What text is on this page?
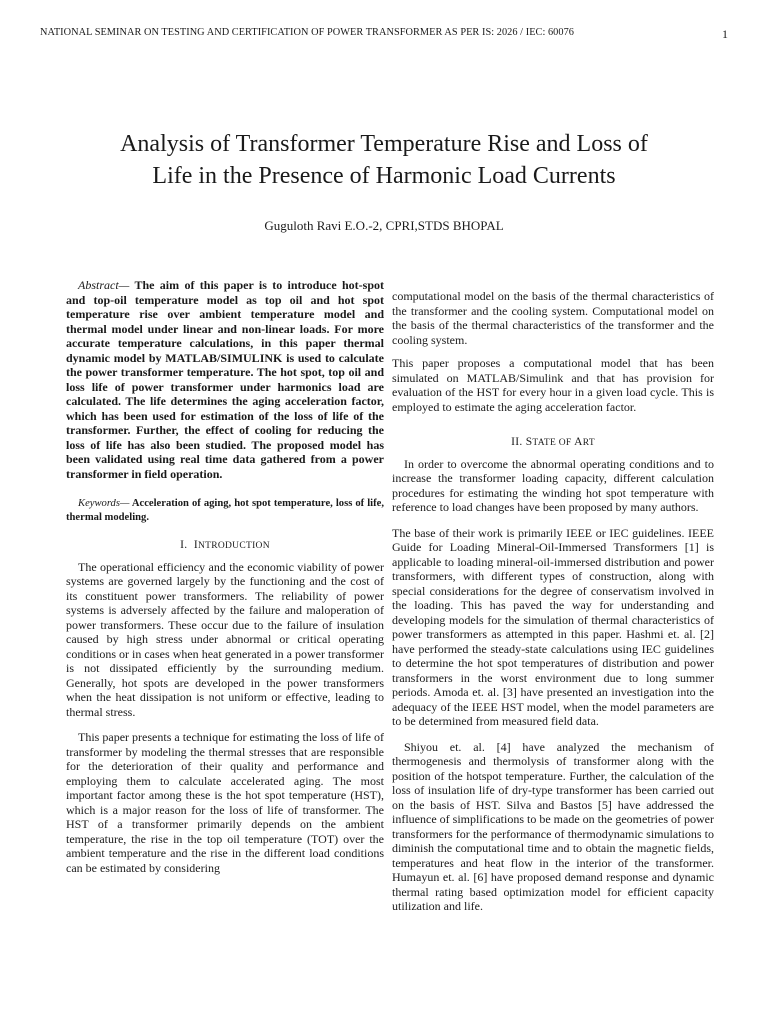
NATIONAL SEMINAR ON TESTING AND CERTIFICATION OF POWER TRANSFORMER AS PER IS: 2026 / IEC: 60076	1
Analysis of Transformer Temperature Rise and Loss of
Life in the Presence of Harmonic Load Currents
Guguloth Ravi E.O.-2, CPRI,STDS BHOPAL

Abstract— The aim of this paper is to introduce hot-spot and top-oil temperature model as top oil and hot spot temperature rise over ambient temperature model and thermal model under linear and non-linear loads. For more accurate temperature calculations, in this paper thermal dynamic model by MATLAB/SIMULINK is used to calculate the power transformer temperature. The hot spot, top oil and loss life of power transformer under harmonics load are calculated. The life determines the aging acceleration factor, which has been used for estimation of the loss of life of the transformer. Further, the effect of cooling for reducing the loss of life has also been studied. The proposed model has been validated using real time data gathered from a power transformer in field operation.

Keywords— Acceleration of aging, hot spot temperature, loss of life, thermal modeling.

I. INTRODUCTION

The operational efficiency and the economic viability of power systems are governed largely by the functioning and the cost of its constituent power transformers. The reliability of power systems is adversely affected by the failure and maloperation of power transformers. These occur due to the failure of insulation caused by high stress under abnormal or critical operating conditions or in cases when heat generated in a power transformer is not dissipated efficiently by the surrounding medium. Generally, hot spots are developed in the power transformers when the heat dissipation is not uniform or effective, leading to thermal stress.

This paper presents a technique for estimating the loss of life of transformer by modeling the thermal stresses that are responsible for the deterioration of their quality and performance and employing them to calculate accelerated aging. The most important factor among these is the hot spot temperature (HST), which is a major reason for the loss of life of transformer. The HST of a transformer primarily depends on the ambient temperature, the rise in the top oil temperature (TOT) over the ambient temperature and the rise in the different load conditions can be estimated by considering

computational model on the basis of the thermal characteristics of the transformer and the cooling system. Computational model on the basis of the thermal characteristics of the transformer and the cooling system.

This paper proposes a computational model that has been simulated on MATLAB/Simulink and that has provision for evaluation of the HST for every hour in a given load cycle. This is employed to estimate the aging acceleration factor.

II. STATE OF ART

In order to overcome the abnormal operating conditions and to increase the transformer loading capacity, different calculation procedures for estimating the winding hot spot temperature with reference to load changes have been proposed by many authors.

The base of their work is primarily IEEE or IEC guidelines. IEEE Guide for Loading Mineral-Oil-Immersed Transformers [1] is applicable to loading mineral-oil-immersed distribution and power transformers, with different types of construction, along with special considerations for the degree of conservatism involved in the loading. This has paved the way for understanding and developing models for the simulation of thermal characteristics of power transformers as attempted in this paper. Hashmi et. al. [2] have performed the steady-state calculations using IEC guidelines to determine the hot spot temperatures of distribution and power transformers in the worst environment due to long summer periods. Amoda et. al. [3] have presented an investigation into the adequacy of the IEEE HST model, when the model parameters are to be determined from measured field data.

Shiyou et. al. [4] have analyzed the mechanism of thermogenesis and thermolysis of transformer along with the position of the hotspot temperature. Further, the calculation of the loss of insulation life of dry-type transformer has been carried out on the basis of HST. Silva and Bastos [5] have addressed the influence of simplifications to be made on the geometries of power transformers for the performance of thermodynamic simulations to diminish the computational time and to obtain the magnetic fields, temperatures and heat flow in the interior of the transformer. Humayun et. al. [6] have proposed demand response and dynamic thermal rating based optimization model for efficient capacity utilization and life.
